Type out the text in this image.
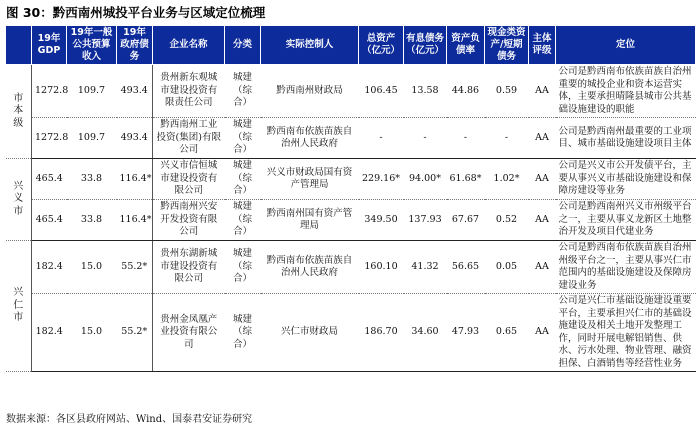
图 30：黔西南州城投平台业务与区域定位梳理
	19年 GDP	19年一般公共预算收入	19年政府债务	企业名称	分类	实际控制人	总资产（亿元）	有息债务（亿元）	资产负债率	现金类资产/短期债务	主体评级	定位
市本级	1272.8	109.7	493.4	贵州新东观城市建设投资有限责任公司	城建（综合）	黔西南州财政局	106.45	13.58	44.86	0.59	AA	公司是黔西南布依族苗族自治州重要的城投企业和资本运营实体，主要承担晴隆县城市公共基础设施建设的职能
	1272.8	109.7	493.4	黔西南州工业投资(集团)有限公司	城建（综合）	黔西南布依族苗族自治州人民政府	-	-	-	-	AA	公司是黔西南州最重要的工业项目、城市基础设施建设项目主体
兴义市	465.4	33.8	116.4*	兴义市信恒城市建设投资有限公司	城建（综合）	兴义市财政局国有资产管理局	229.16*	94.00*	61.68*	1.02*	AA	公司是兴义市公开发债平台，主要从事兴义市基础设施建设和保障房建设等业务
	465.4	33.8	116.4*	黔西南州兴安开发投资有限公司	城建（综合）	黔西南州国有资产管理局	349.50	137.93	67.67	0.52	AA	公司是黔西南州兴义市州级平台之一，主要从事义龙新区土地整治开发及项目代建业务
兴仁市	182.4	15.0	55.2*	贵州东湖新城市建设投资有限公司	城建（综合）	黔西南布依族苗族自治州人民政府	160.10	41.32	56.65	0.05	AA	公司是黔西南布依族苗族自治州州级平台之一，主要从事兴仁市范围内的基础设施建设及保障房建设业务
	182.4	15.0	55.2*	贵州金凤凰产业投资有限公司	城建（综合）	兴仁市财政局	186.70	34.60	47.93	0.65	AA	公司是兴仁市基础设施建设重要平台，主要承担兴仁市的基础设施建设及相关土地开发整理工作，同时开展电解铝销售、供水、污水处理、物业管理、融资担保、白酒销售等经营性业务
数据来源：各区县政府网站、Wind、国泰君安证券研究
